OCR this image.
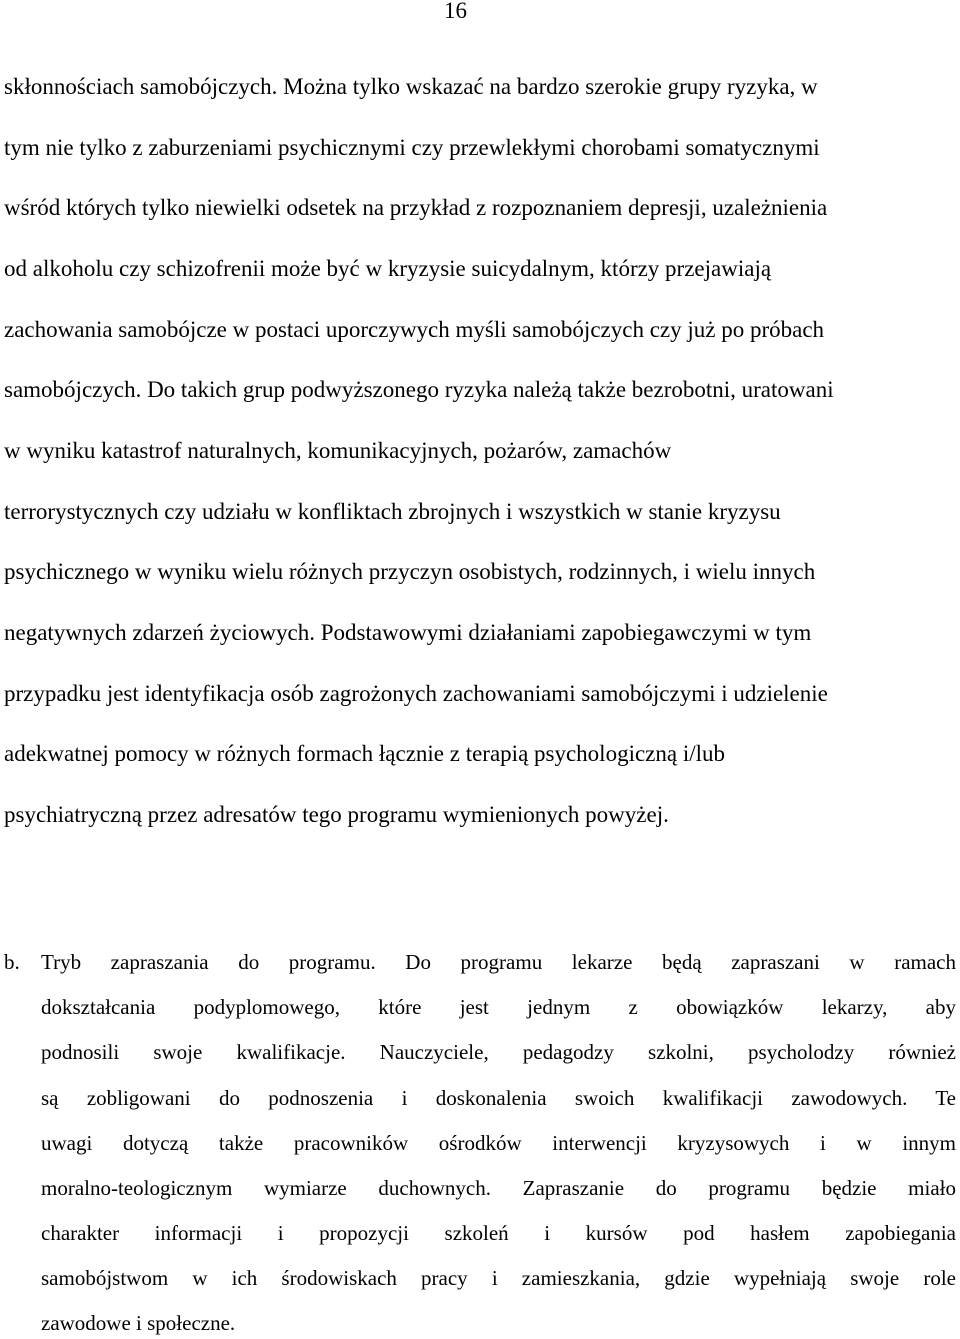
16
skłonnościach samobójczych. Można tylko wskazać na bardzo szerokie grupy ryzyka, w
tym nie tylko z zaburzeniami psychicznymi czy przewlekłymi chorobami somatycznymi
wśród których tylko niewielki odsetek na przykład z rozpoznaniem depresji, uzależnienia
od alkoholu czy schizofrenii może być w kryzysie suicydalnym, którzy przejawiają
zachowania samobójcze w postaci uporczywych myśli samobójczych czy już po próbach
samobójczych. Do takich grup podwyższonego ryzyka należą także bezrobotni, uratowani
w wyniku katastrof naturalnych, komunikacyjnych, pożarów, zamachów
terrorystycznych czy udziału w konfliktach zbrojnych i wszystkich w stanie kryzysu
psychicznego w wyniku wielu różnych przyczyn osobistych, rodzinnych, i wielu innych
negatywnych zdarzeń życiowych. Podstawowymi działaniami zapobiegawczymi w tym
przypadku jest identyfikacja osób zagrożonych zachowaniami samobójczymi i udzielenie
adekwatnej pomocy w różnych formach łącznie z terapią psychologiczną i/lub
psychiatryczną przez adresatów tego programu wymienionych powyżej.
b. Tryb zapraszania do programu. Do programu lekarze będą zapraszani w ramach
dokształcania podyplomowego, które jest jednym z obowiązków lekarzy, aby
podnosili swoje kwalifikacje. Nauczyciele, pedagodzy szkolni, psycholodzy również
są zobligowani do podnoszenia i doskonalenia swoich kwalifikacji zawodowych. Te
uwagi dotyczą także pracowników ośrodków interwencji kryzysowych i w innym
moralno-teologicznym wymiarze duchownych. Zapraszanie do programu będzie miało
charakter informacji i propozycji szkoleń i kursów pod hasłem zapobiegania
samobójstwom w ich środowiskach pracy i zamieszkania, gdzie wypełniają swoje role
zawodowe i społeczne.
